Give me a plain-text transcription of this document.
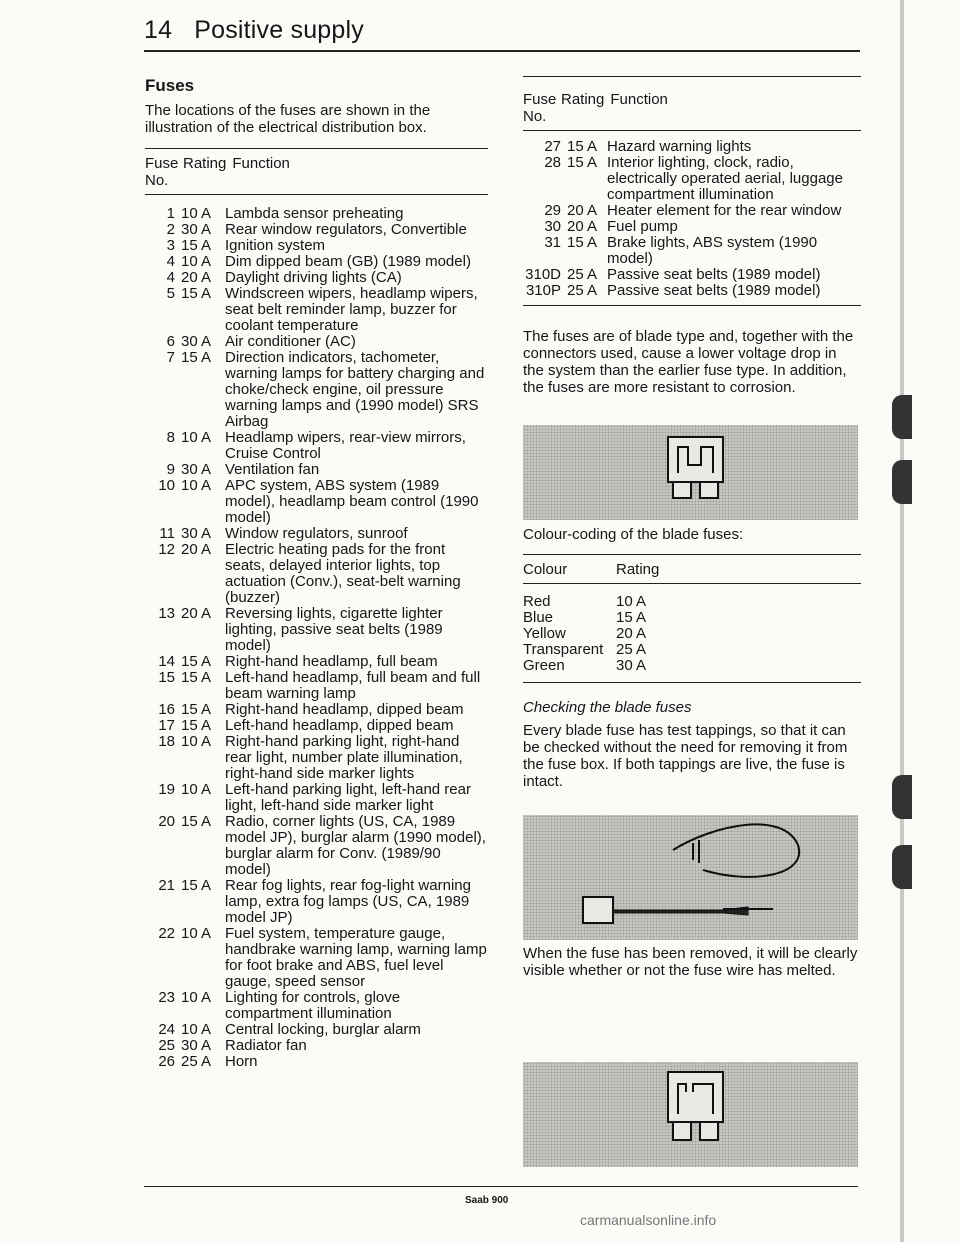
14 Positive supply
Fuses

The locations of the fuses are shown in the illustration of the electrical distribution box.

Fuse No.
Rating Function
1	10 A	Lambda sensor preheating
2	30 A	Rear window regulators, Convertible
3	15 A	Ignition system
4	10 A	Dim dipped beam (GB) (1989 model)
4	20 A	Daylight driving lights (CA)
5	15 A	Windscreen wipers, headlamp wipers, seat belt reminder lamp, buzzer for coolant temperature
6	30 A	Air conditioner (AC)
7	15 A	Direction indicators, tachometer, warning lamps for battery charging and choke/check engine, oil pressure warning lamps and (1990 model) SRS Airbag
8	10 A	Headlamp wipers, rear-view mirrors, Cruise Control
9	30 A	Ventilation fan
10	10 A	APC system, ABS system (1989 model), headlamp beam control (1990 model)
11	30 A	Window regulators, sunroof
12	20 A	Electric heating pads for the front seats, delayed interior lights, top actuation (Conv.), seat-belt warning (buzzer)
13	20 A	Reversing lights, cigarette lighter lighting, passive seat belts (1989 model)
14	15 A	Right-hand headlamp, full beam
15	15 A	Left-hand headlamp, full beam and full beam warning lamp
16	15 A	Right-hand headlamp, dipped beam
17	15 A	Left-hand headlamp, dipped beam
18	10 A	Right-hand parking light, right-hand rear light, number plate illumination, right-hand side marker lights
19	10 A	Left-hand parking light, left-hand rear light, left-hand side marker light
20	15 A	Radio, corner lights (US, CA, 1989 model JP), burglar alarm (1990 model), burglar alarm for Conv. (1989/90 model)
21	15 A	Rear fog lights, rear fog-light warning lamp, extra fog lamps (US, CA, 1989 model JP)
22	10 A	Fuel system, temperature gauge, handbrake warning lamp, warning lamp for foot brake and ABS, fuel level gauge, speed sensor
23	10 A	Lighting for controls, glove compartment illumination
24	10 A	Central locking, burglar alarm
25	30 A	Radiator fan
26	25 A	Horn
Fuse No.
Rating Function
27	15 A	Hazard warning lights
28	15 A	Interior lighting, clock, radio, electrically operated aerial, luggage compartment illumination
29	20 A	Heater element for the rear window
30	20 A	Fuel pump
31	15 A	Brake lights, ABS system (1990 model)
310D	25 A	Passive seat belts (1989 model)
310P	25 A	Passive seat belts (1989 model)

The fuses are of blade type and, together with the connectors used, cause a lower voltage drop in the system than the earlier fuse type. In addition, the fuses are more resistant to corrosion.

Colour-coding of the blade fuses:

Colour	Rating
Red	10 A
Blue	15 A
Yellow	20 A
Transparent	25 A
Green	30 A
Checking the blade fuses

Every blade fuse has test tappings, so that it can be checked without the need for removing it from the fuse box. If both tappings are live, the fuse is intact.

When the fuse has been removed, it will be clearly visible whether or not the fuse wire has melted.

Saab 900
carmanualsonline.info
